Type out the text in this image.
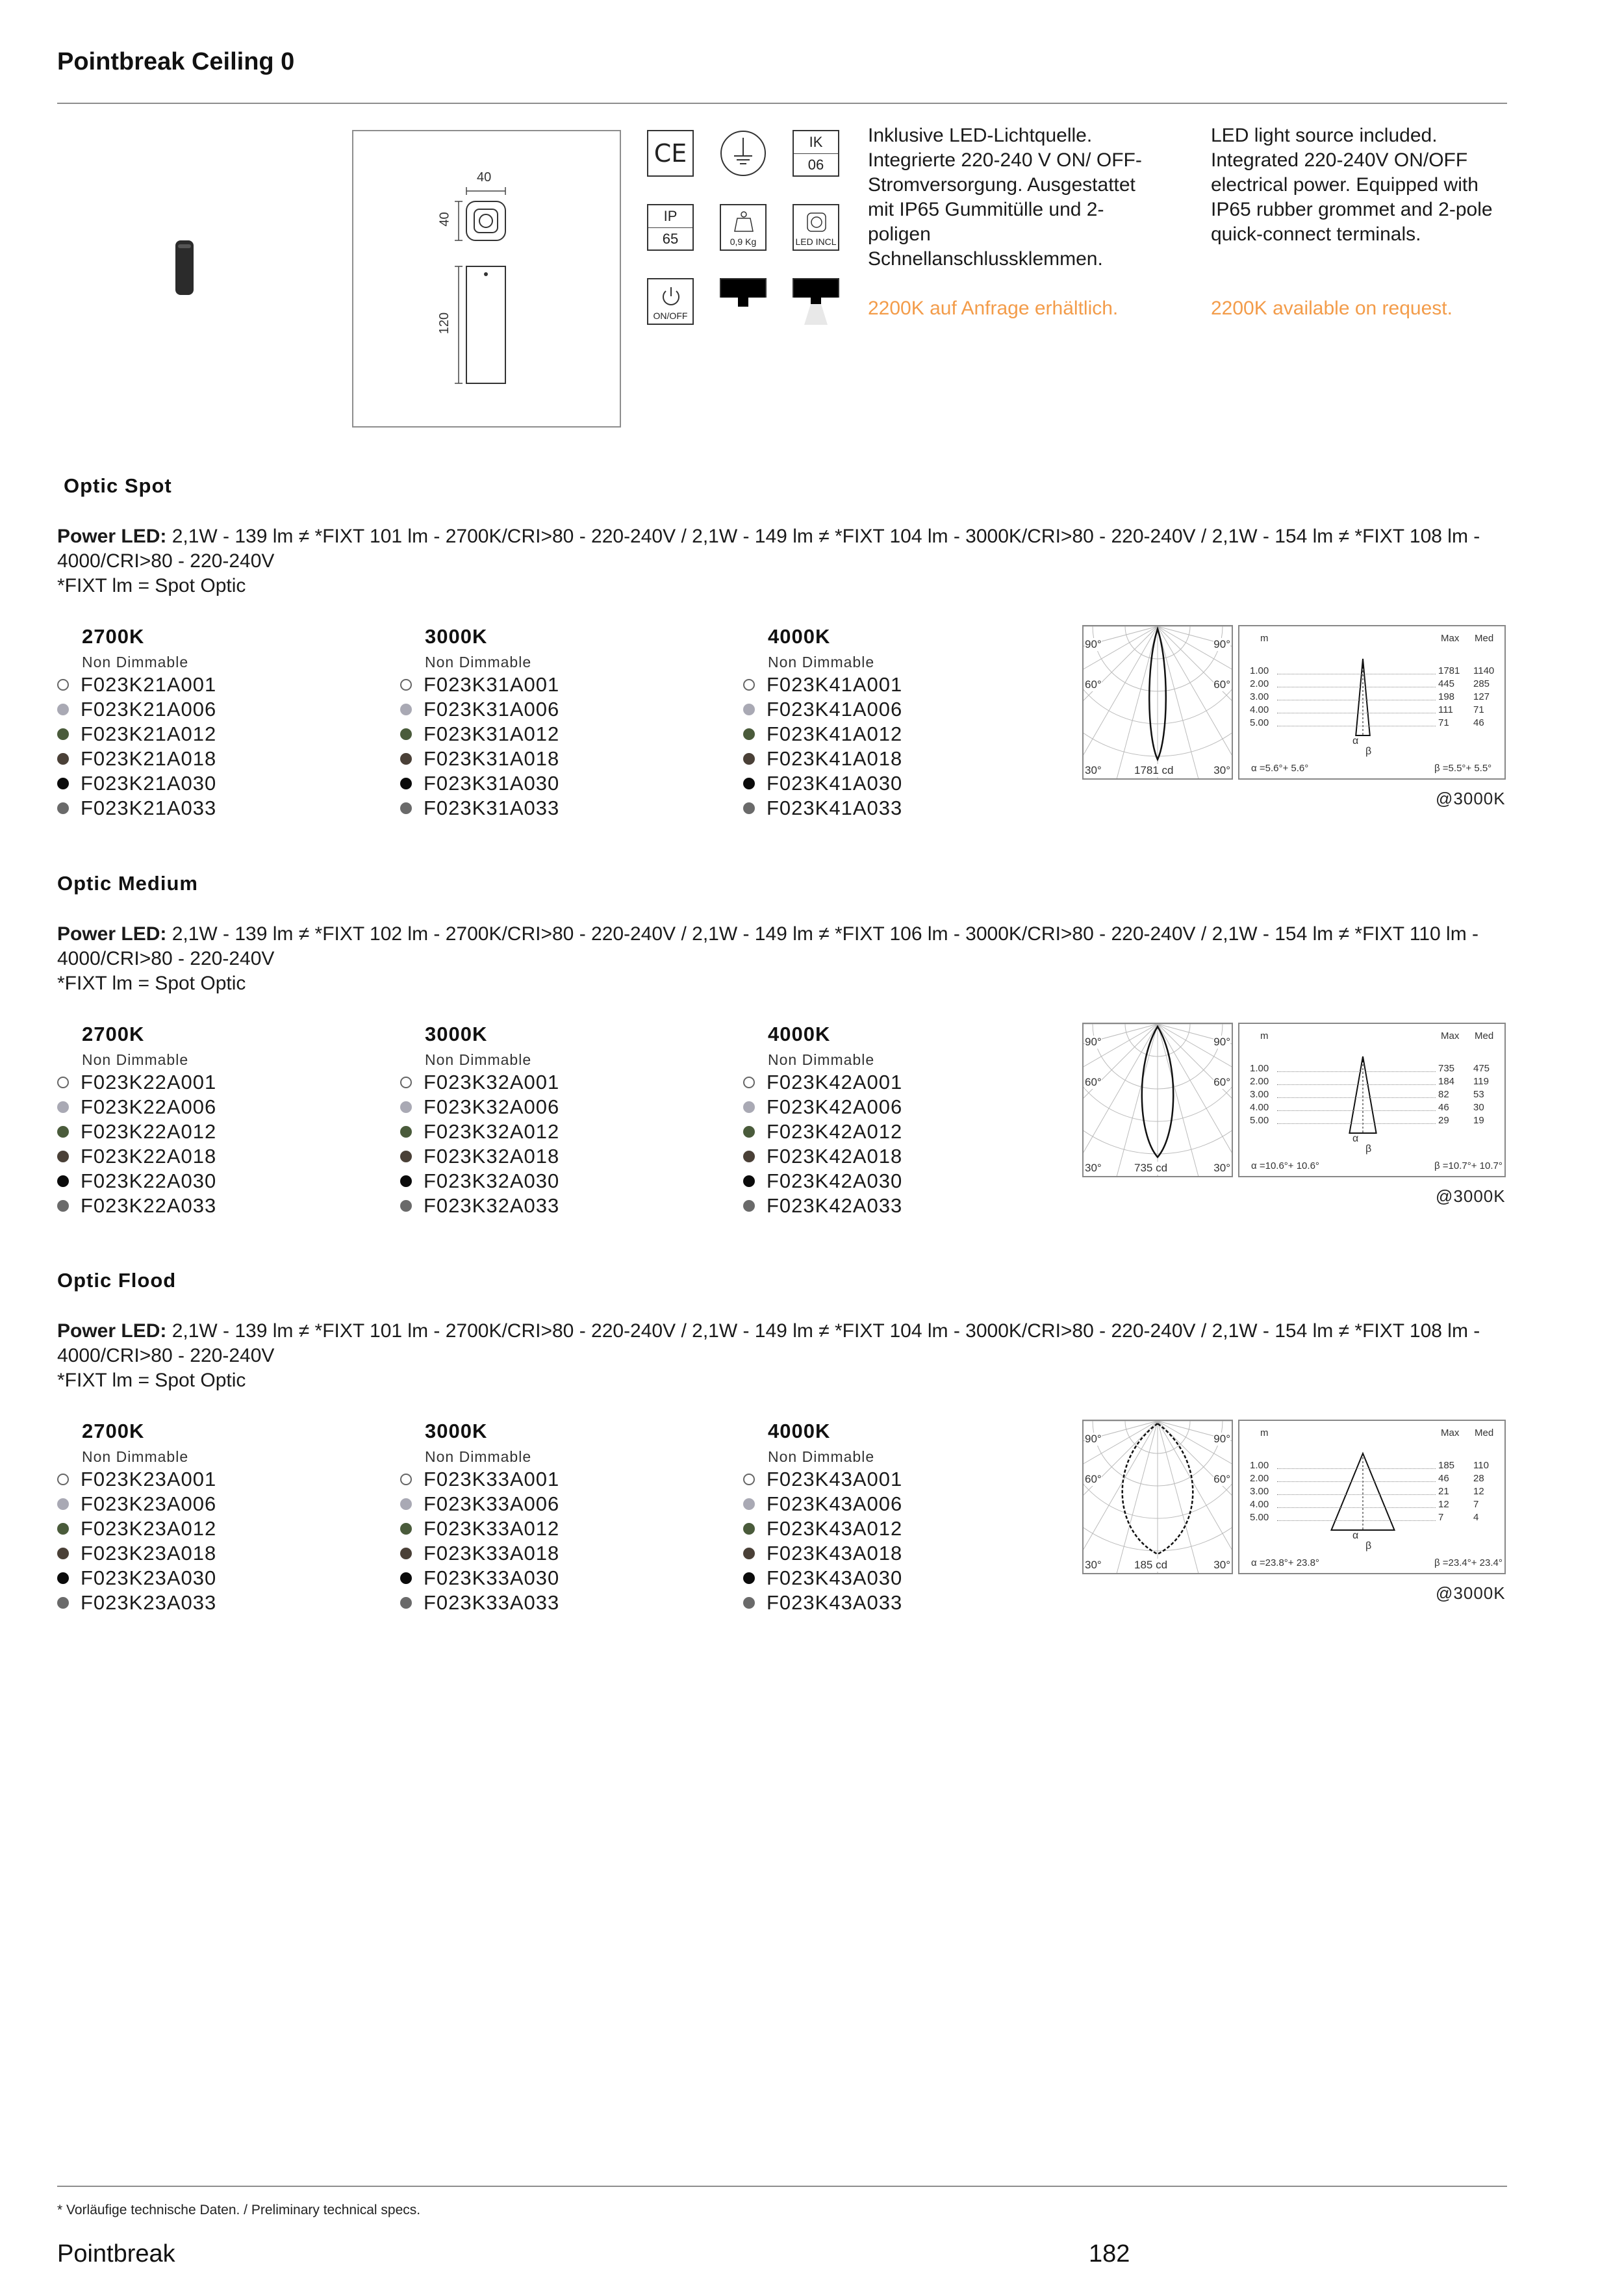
Pointbreak Ceiling 0
40
40
120
CE	IK
06
IP
65	0,9 Kg	LED INCL
ON/OFF
Inklusive LED-Lichtquelle. Integrierte 220-240 V ON/ OFF-Stromversorgung. Ausgestattet mit IP65 Gummitülle und 2-poligen Schnellanschlussklemmen.
2200K auf Anfrage erhältlich.
LED light source included. Integrated 220-240V ON/OFF electrical power. Equipped with IP65 rubber grommet and 2-pole quick-connect terminals.
2200K available on request.
Optic Spot
Power LED: 2,1W - 139 lm ≠ *FIXT 101 lm - 2700K/CRI>80 - 220-240V / 2,1W - 149 lm ≠ *FIXT 104 lm - 3000K/CRI>80 - 220-240V / 2,1W - 154 lm ≠ *FIXT 108 lm - 4000/CRI>80 - 220-240V
*FIXT lm = Spot Optic
2700K
Non Dimmable
F023K21A001
F023K21A006
F023K21A012
F023K21A018
F023K21A030
F023K21A033
3000K
Non Dimmable
F023K31A001
F023K31A006
F023K31A012
F023K31A018
F023K31A030
F023K31A033
4000K
Non Dimmable
F023K41A001
F023K41A006
F023K41A012
F023K41A018
F023K41A030
F023K41A033
90°	90°
60°	60°
30°	30°
1781 cd
m	Max Med
1.00	1781 1140
2.00	445 285
3.00	198 127
4.00	111 71
5.00	71 46
α
β
α =5.6°+ 5.6°	β =5.5°+ 5.5°
@3000K
Optic Medium
Power LED: 2,1W - 139 lm ≠ *FIXT 102 lm - 2700K/CRI>80 - 220-240V / 2,1W - 149 lm ≠ *FIXT 106 lm - 3000K/CRI>80 - 220-240V / 2,1W - 154 lm ≠ *FIXT 110 lm - 4000/CRI>80 - 220-240V
*FIXT lm = Spot Optic
2700K
Non Dimmable
F023K22A001
F023K22A006
F023K22A012
F023K22A018
F023K22A030
F023K22A033
3000K
Non Dimmable
F023K32A001
F023K32A006
F023K32A012
F023K32A018
F023K32A030
F023K32A033
4000K
Non Dimmable
F023K42A001
F023K42A006
F023K42A012
F023K42A018
F023K42A030
F023K42A033
90°	90°
60°	60°
30°	30°
735 cd
m	Max Med
1.00	735 475
2.00	184 119
3.00	82 53
4.00	46 30
5.00	29 19
α
β
α =10.6°+ 10.6°	β =10.7°+ 10.7°
@3000K
Optic Flood
Power LED: 2,1W - 139 lm ≠ *FIXT 101 lm - 2700K/CRI>80 - 220-240V / 2,1W - 149 lm ≠ *FIXT 104 lm - 3000K/CRI>80 - 220-240V / 2,1W - 154 lm ≠ *FIXT 108 lm - 4000/CRI>80 - 220-240V
*FIXT lm = Spot Optic
2700K
Non Dimmable
F023K23A001
F023K23A006
F023K23A012
F023K23A018
F023K23A030
F023K23A033
3000K
Non Dimmable
F023K33A001
F023K33A006
F023K33A012
F023K33A018
F023K33A030
F023K33A033
4000K
Non Dimmable
F023K43A001
F023K43A006
F023K43A012
F023K43A018
F023K43A030
F023K43A033
90°	90°
60°	60°
30°	30°
185 cd
m	Max Med
1.00	185 110
2.00	46 28
3.00	21 12
4.00	12 7
5.00	7	4
α
β
α =23.8°+ 23.8°	β =23.4°+ 23.4°
@3000K
* Vorläufige technische Daten. / Preliminary technical specs.
Pointbreak	182
